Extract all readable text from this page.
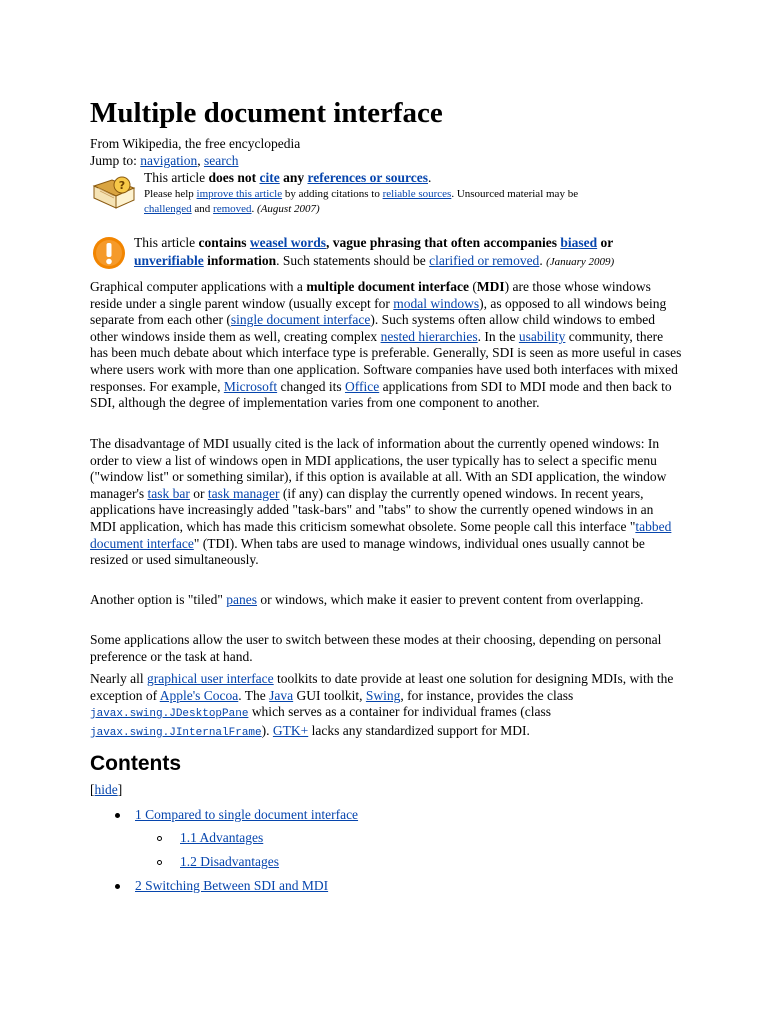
Multiple document interface
From Wikipedia, the free encyclopedia
Jump to: navigation, search
?
This article does not cite any references or sources.
Please help improve this article by adding citations to reliable sources. Unsourced material may be
challenged and removed. (August 2007)
This article contains weasel words, vague phrasing that often accompanies biased or
unverifiable information. Such statements should be clarified or removed. (January 2009)

Graphical computer applications with a multiple document interface (MDI) are those whose windows reside under a single parent window (usually except for modal windows), as opposed to all windows being separate from each other (single document interface). Such systems often allow child windows to embed other windows inside them as well, creating complex nested hierarchies. In the usability community, there has been much debate about which interface type is preferable. Generally, SDI is seen as more useful in cases where users work with more than one application. Software companies have used both interfaces with mixed responses. For example, Microsoft changed its Office applications from SDI to MDI mode and then back to SDI, although the degree of implementation varies from one component to another.

The disadvantage of MDI usually cited is the lack of information about the currently opened windows: In order to view a list of windows open in MDI applications, the user typically has to select a specific menu ("window list" or something similar), if this option is available at all. With an SDI application, the window manager's task bar or task manager (if any) can display the currently opened windows. In recent years, applications have increasingly added "task-bars" and "tabs" to show the currently opened windows in an MDI application, which has made this criticism somewhat obsolete. Some people call this interface "tabbed document interface" (TDI). When tabs are used to manage windows, individual ones usually cannot be resized or used simultaneously.

Another option is "tiled" panes or windows, which make it easier to prevent content from overlapping.

Some applications allow the user to switch between these modes at their choosing, depending on personal preference or the task at hand.

Nearly all graphical user interface toolkits to date provide at least one solution for designing MDIs, with the exception of Apple's Cocoa. The Java GUI toolkit, Swing, for instance, provides the class javax.swing.JDesktopPane which serves as a container for individual frames (class javax.swing.JInternalFrame). GTK+ lacks any standardized support for MDI.

Contents
[hide]
1 Compared to single document interface
1.1 Advantages
1.2 Disadvantages
2 Switching Between SDI and MDI
